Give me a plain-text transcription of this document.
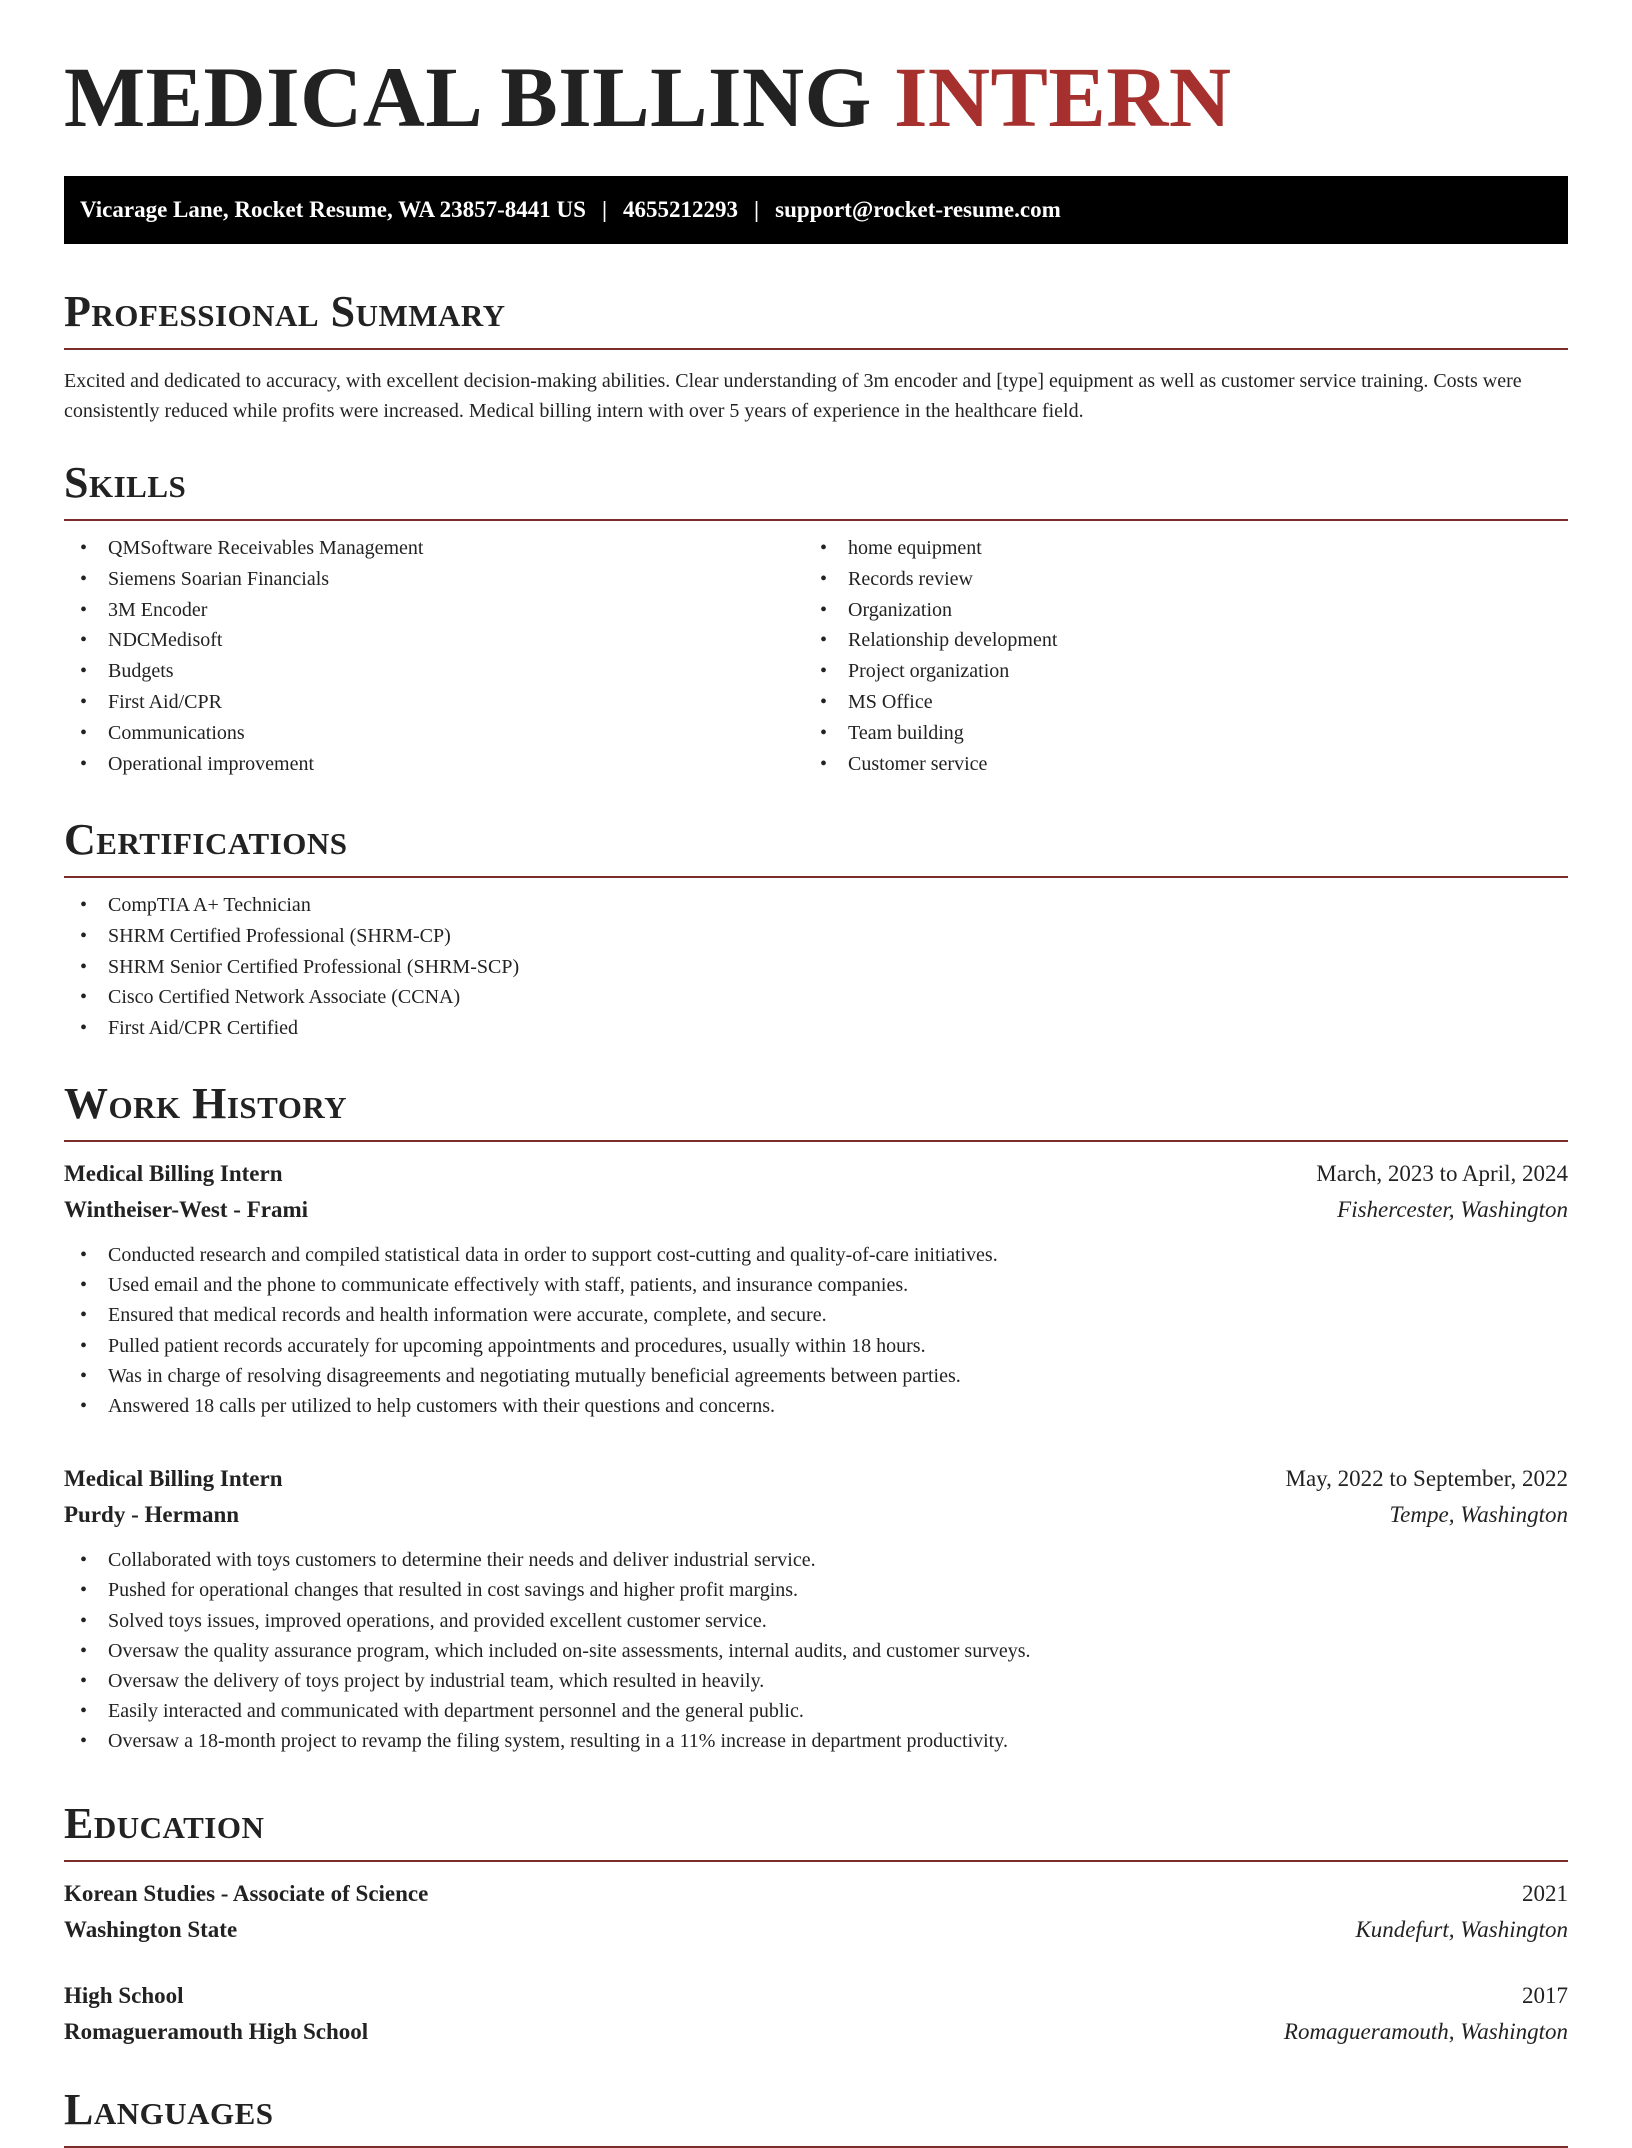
MEDICAL BILLING INTERN
Vicarage Lane, Rocket Resume, WA 23857-8441 US | 4655212293 | support@rocket-resume.com
Professional Summary

Excited and dedicated to accuracy, with excellent decision-making abilities. Clear understanding of 3m encoder and [type] equipment as well as customer service training. Costs were consistently reduced while profits were increased. Medical billing intern with over 5 years of experience in the healthcare field.

Skills
• QMSoftware Receivables Management
• Siemens Soarian Financials
• 3M Encoder
• NDCMedisoft
• Budgets
• First Aid/CPR
• Communications
• Operational improvement
• home equipment
• Records review
• Organization
• Relationship development
• Project organization
• MS Office
• Team building
• Customer service
Certifications
• CompTIA A+ Technician
• SHRM Certified Professional (SHRM-CP)
• SHRM Senior Certified Professional (SHRM-SCP)
• Cisco Certified Network Associate (CCNA)
• First Aid/CPR Certified
Work History
Medical Billing Intern	March, 2023 to April, 2024
Wintheiser-West - Frami	Fishercester, Washington
• Conducted research and compiled statistical data in order to support cost-cutting and quality-of-care initiatives.
• Used email and the phone to communicate effectively with staff, patients, and insurance companies.
• Ensured that medical records and health information were accurate, complete, and secure.
• Pulled patient records accurately for upcoming appointments and procedures, usually within 18 hours.
• Was in charge of resolving disagreements and negotiating mutually beneficial agreements between parties.
• Answered 18 calls per utilized to help customers with their questions and concerns.
Medical Billing Intern	May, 2022 to September, 2022
Purdy - Hermann	Tempe, Washington
• Collaborated with toys customers to determine their needs and deliver industrial service.
• Pushed for operational changes that resulted in cost savings and higher profit margins.
• Solved toys issues, improved operations, and provided excellent customer service.
• Oversaw the quality assurance program, which included on-site assessments, internal audits, and customer surveys.
• Oversaw the delivery of toys project by industrial team, which resulted in heavily.
• Easily interacted and communicated with department personnel and the general public.
• Oversaw a 18-month project to revamp the filing system, resulting in a 11% increase in department productivity.
Education
Korean Studies - Associate of Science	2021
Washington State	Kundefurt, Washington
High School	2017
Romagueramouth High School	Romagueramouth, Washington
Languages
